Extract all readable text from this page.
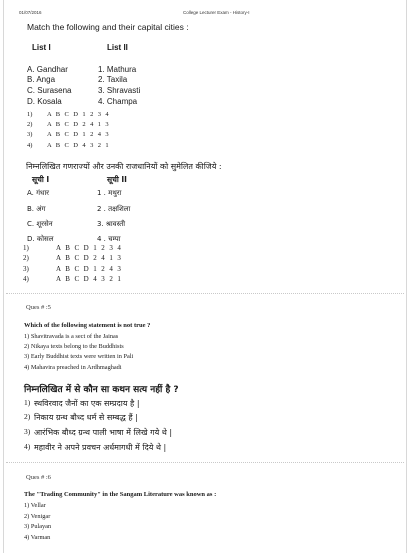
01/07/2016	College Lecturer Exam - History-I
Match the following and their capital cities :
List I	List II
A. Gandhar	1. Mathura
B. Anga	2. Taxila
C. Surasena	3. Shravasti
D. Kosala	4. Champa
1) A B C D 1 2 3 4
2) A B C D 2 4 1 3
3) A B C D 1 2 4 3
4) A B C D 4 3 2 1
निम्नलिखित गणराज्यों और उनकी राजधानियों को सुमेलित कीजिये :
सूची I	सूची II
A. गंधार	1 . मथुरा
B. अंग	2 . तक्षशिला
C. शूरसेन	3. श्रावस्ती
D. कोसल	4 . चम्पा
1)	A B C D 1 2 3 4
2)	A B C D 2 4 1 3
3)	A B C D 1 2 4 3
4)	A B C D 4 3 2 1
Ques # :5
Which of the following statement is not true ?
1) Shavitravada is a sect of the Jainas
2) Nikaya texts belong to the Buddhists
3) Early Buddhist texts were written in Pali
4) Mahavira preached in Ardhmaghadi
निम्नलिखित में से कौन सा कथन सत्य नहीं है ?
1) स्थविरवाद जैनों का एक सम्प्रदाय है |
2) निकाय ग्रन्थ बौध्द धर्म से सम्बद्ध हैं |
3) आरंभिक बौध्द ग्रन्थ पाली भाषा में लिखे गये थे |
4) महावीर ने अपने प्रवचन अर्धमागधी में दिये थे |
Ques # :6
The "Trading Community" in the Sangam Literature was known as :
1) Vellar
2) Venigar
3) Pulayan
4) Varman
